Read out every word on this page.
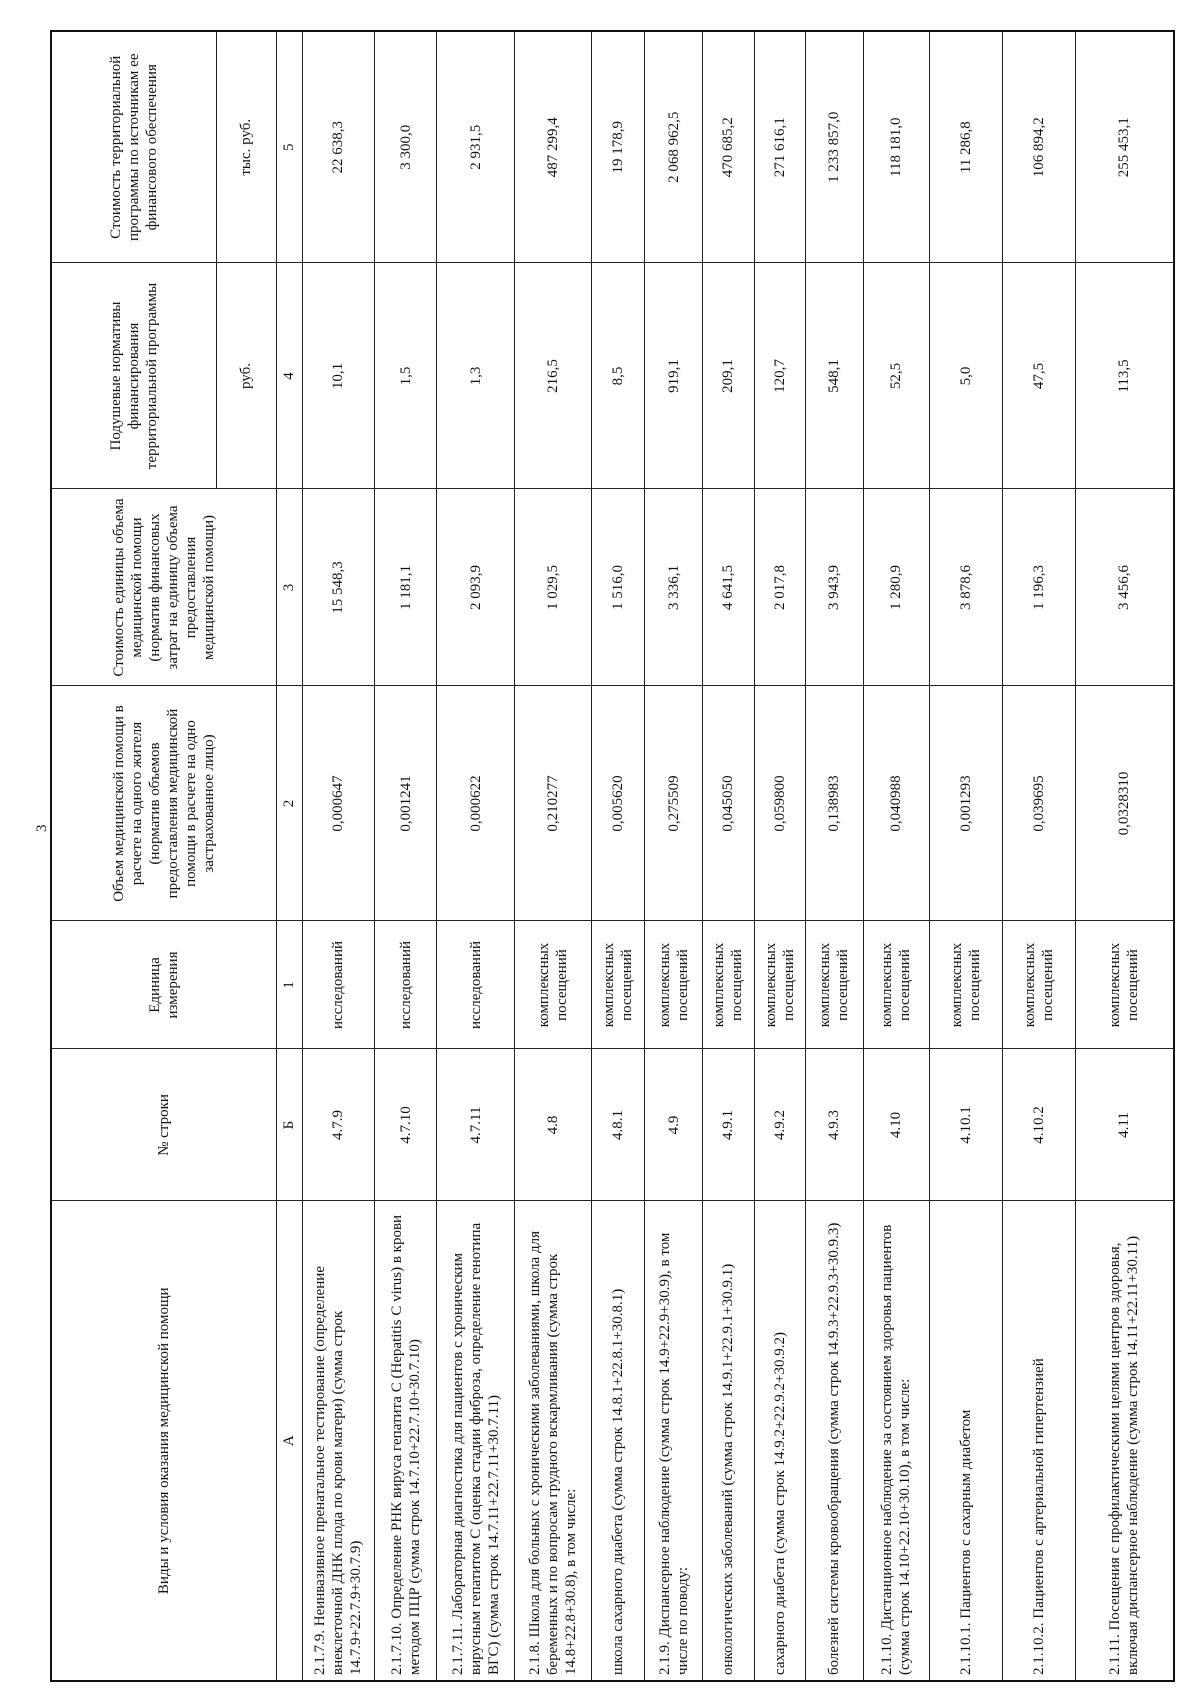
3
Виды и условия оказания медицинской помощи	№ строки	Единица измерения	Объем медицинской помощи в расчете на одного жителя (норматив объемов предоставления медицинской помощи в расчете на одно застрахованное лицо)	Стоимость единицы объема медицинской помощи (норматив финансовых затрат на единицу объема предоставления медицинской помощи)	Подушевые нормативы финансирования территориальной программы	Стоимость территориальной программы по источникам ее финансового обеспечения
					руб.	тыс. руб.
А	Б	1	2	3	4	5
2.1.7.9. Неинвазивное пренатальное тестирование (определение внеклеточной ДНК плода по крови матери) (сумма строк 14.7.9+22.7.9+30.7.9)	4.7.9	исследований	0,000647	15 548,3	10,1	22 638,3
2.1.7.10. Определение РНК вируса гепатита С (Hepatitis C virus) в крови методом ПЦР (сумма строк 14.7.10+22.7.10+30.7.10)	4.7.10	исследований	0,001241	1 181,1	1,5	3 300,0
2.1.7.11. Лабораторная диагностика для пациентов с хроническим вирусным гепатитом С (оценка стадии фиброза, определение генотипа ВГС) (сумма строк 14.7.11+22.7.11+30.7.11)	4.7.11	исследований	0,000622	2 093,9	1,3	2 931,5
2.1.8. Школа для больных с хроническими заболеваниями, школа для беременных и по вопросам грудного вскармливания (сумма строк 14.8+22.8+30.8), в том числе:	4.8	комплексных посещений	0,210277	1 029,5	216,5	487 299,4
школа сахарного диабета (сумма строк 14.8.1+22.8.1+30.8.1)	4.8.1	комплексных посещений	0,005620	1 516,0	8,5	19 178,9
2.1.9. Диспансерное наблюдение (сумма строк 14.9+22.9+30.9), в том числе по поводу:	4.9	комплексных посещений	0,275509	3 336,1	919,1	2 068 962,5
онкологических заболеваний (сумма строк 14.9.1+22.9.1+30.9.1)	4.9.1	комплексных посещений	0,045050	4 641,5	209,1	470 685,2
сахарного диабета (сумма строк 14.9.2+22.9.2+30.9.2)	4.9.2	комплексных посещений	0,059800	2 017,8	120,7	271 616,1
болезней системы кровообращения (сумма строк 14.9.3+22.9.3+30.9.3)	4.9.3	комплексных посещений	0,138983	3 943,9	548,1	1 233 857,0
2.1.10. Дистанционное наблюдение за состоянием здоровья пациентов (сумма строк 14.10+22.10+30.10), в том числе:	4.10	комплексных посещений	0,040988	1 280,9	52,5	118 181,0
2.1.10.1. Пациентов с сахарным диабетом	4.10.1	комплексных посещений	0,001293	3 878,6	5,0	11 286,8
2.1.10.2. Пациентов с артериальной гипертензией	4.10.2	комплексных посещений	0,039695	1 196,3	47,5	106 894,2
2.1.11. Посещения с профилактическими целями центров здоровья, включая диспансерное наблюдение (сумма строк 14.11+22.11+30.11)	4.11	комплексных посещений	0,0328310	3 456,6	113,5	255 453,1
